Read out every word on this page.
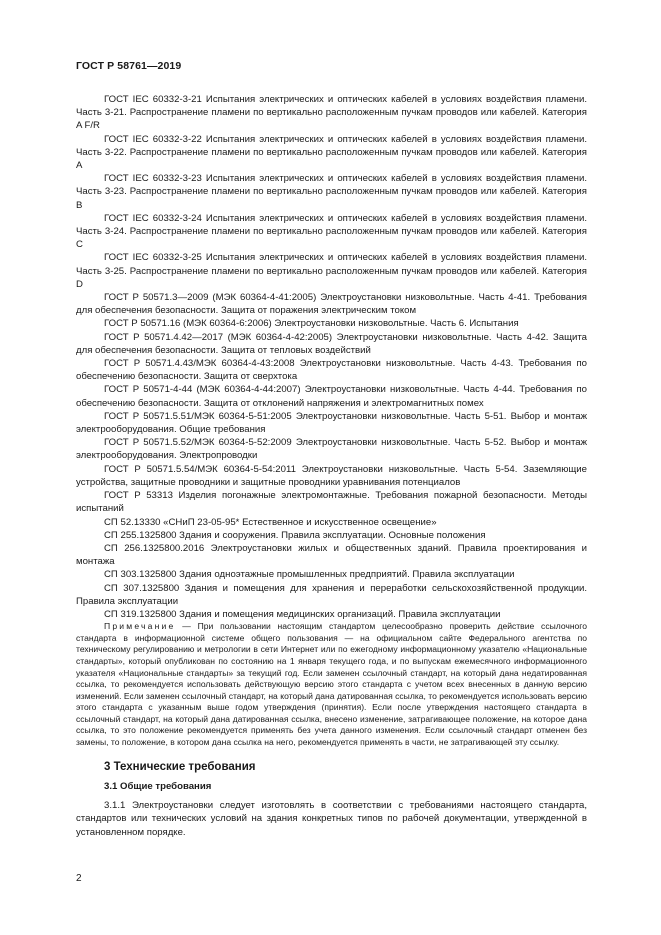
ГОСТ Р 58761—2019

ГОСТ IEC 60332-3-21 Испытания электрических и оптических кабелей в условиях воздействия пламени. Часть 3-21. Распространение пламени по вертикально расположенным пучкам проводов или кабелей. Категория A F/R

ГОСТ IEC 60332-3-22 Испытания электрических и оптических кабелей в условиях воздействия пламени. Часть 3-22. Распространение пламени по вертикально расположенным пучкам проводов или кабелей. Категория A

ГОСТ IEC 60332-3-23 Испытания электрических и оптических кабелей в условиях воздействия пламени. Часть 3-23. Распространение пламени по вертикально расположенным пучкам проводов или кабелей. Категория B

ГОСТ IEC 60332-3-24 Испытания электрических и оптических кабелей в условиях воздействия пламени. Часть 3-24. Распространение пламени по вертикально расположенным пучкам проводов или кабелей. Категория C

ГОСТ IEC 60332-3-25 Испытания электрических и оптических кабелей в условиях воздействия пламени. Часть 3-25. Распространение пламени по вертикально расположенным пучкам проводов или кабелей. Категория D

ГОСТ Р 50571.3—2009 (МЭК 60364-4-41:2005) Электроустановки низковольтные. Часть 4-41. Требования для обеспечения безопасности. Защита от поражения электрическим током

ГОСТ Р 50571.16 (МЭК 60364-6:2006) Электроустановки низковольтные. Часть 6. Испытания

ГОСТ Р 50571.4.42—2017 (МЭК 60364-4-42:2005) Электроустановки низковольтные. Часть 4-42. Защита для обеспечения безопасности. Защита от тепловых воздействий

ГОСТ Р 50571.4.43/МЭК 60364-4-43:2008 Электроустановки низковольтные. Часть 4-43. Требования по обеспечению безопасности. Защита от сверхтока

ГОСТ Р 50571-4-44 (МЭК 60364-4-44:2007) Электроустановки низковольтные. Часть 4-44. Требования по обеспечению безопасности. Защита от отклонений напряжения и электромагнитных помех

ГОСТ Р 50571.5.51/МЭК 60364-5-51:2005 Электроустановки низковольтные. Часть 5-51. Выбор и монтаж электрооборудования. Общие требования

ГОСТ Р 50571.5.52/МЭК 60364-5-52:2009 Электроустановки низковольтные. Часть 5-52. Выбор и монтаж электрооборудования. Электропроводки

ГОСТ Р 50571.5.54/МЭК 60364-5-54:2011 Электроустановки низковольтные. Часть 5-54. Заземляющие устройства, защитные проводники и защитные проводники уравнивания потенциалов

ГОСТ Р 53313 Изделия погонажные электромонтажные. Требования пожарной безопасности. Методы испытаний

СП 52.13330 «СНиП 23-05-95* Естественное и искусственное освещение»

СП 255.1325800 Здания и сооружения. Правила эксплуатации. Основные положения

СП 256.1325800.2016 Электроустановки жилых и общественных зданий. Правила проектирования и монтажа

СП 303.1325800 Здания одноэтажные промышленных предприятий. Правила эксплуатации

СП 307.1325800 Здания и помещения для хранения и переработки сельскохозяйственной продукции. Правила эксплуатации

СП 319.1325800 Здания и помещения медицинских организаций. Правила эксплуатации

Примечание — При пользовании настоящим стандартом целесообразно проверить действие ссылочного стандарта в информационной системе общего пользования — на официальном сайте Федерального агентства по техническому регулированию и метрологии в сети Интернет или по ежегодному информационному указателю «Национальные стандарты», который опубликован по состоянию на 1 января текущего года, и по выпускам ежемесячного информационного указателя «Национальные стандарты» за текущий год. Если заменен ссылочный стандарт, на который дана недатированная ссылка, то рекомендуется использовать действующую версию этого стандарта с учетом всех внесенных в данную версию изменений. Если заменен ссылочный стандарт, на который дана датированная ссылка, то рекомендуется использовать версию этого стандарта с указанным выше годом утверждения (принятия). Если после утверждения настоящего стандарта в ссылочный стандарт, на который дана датированная ссылка, внесено изменение, затрагивающее положение, на которое дана ссылка, то это положение рекомендуется применять без учета данного изменения. Если ссылочный стандарт отменен без замены, то положение, в котором дана ссылка на него, рекомендуется применять в части, не затрагивающей эту ссылку.

3 Технические требования
3.1 Общие требования

3.1.1 Электроустановки следует изготовлять в соответствии с требованиями настоящего стандарта, стандартов или технических условий на здания конкретных типов по рабочей документации, утвержденной в установленном порядке.

2
